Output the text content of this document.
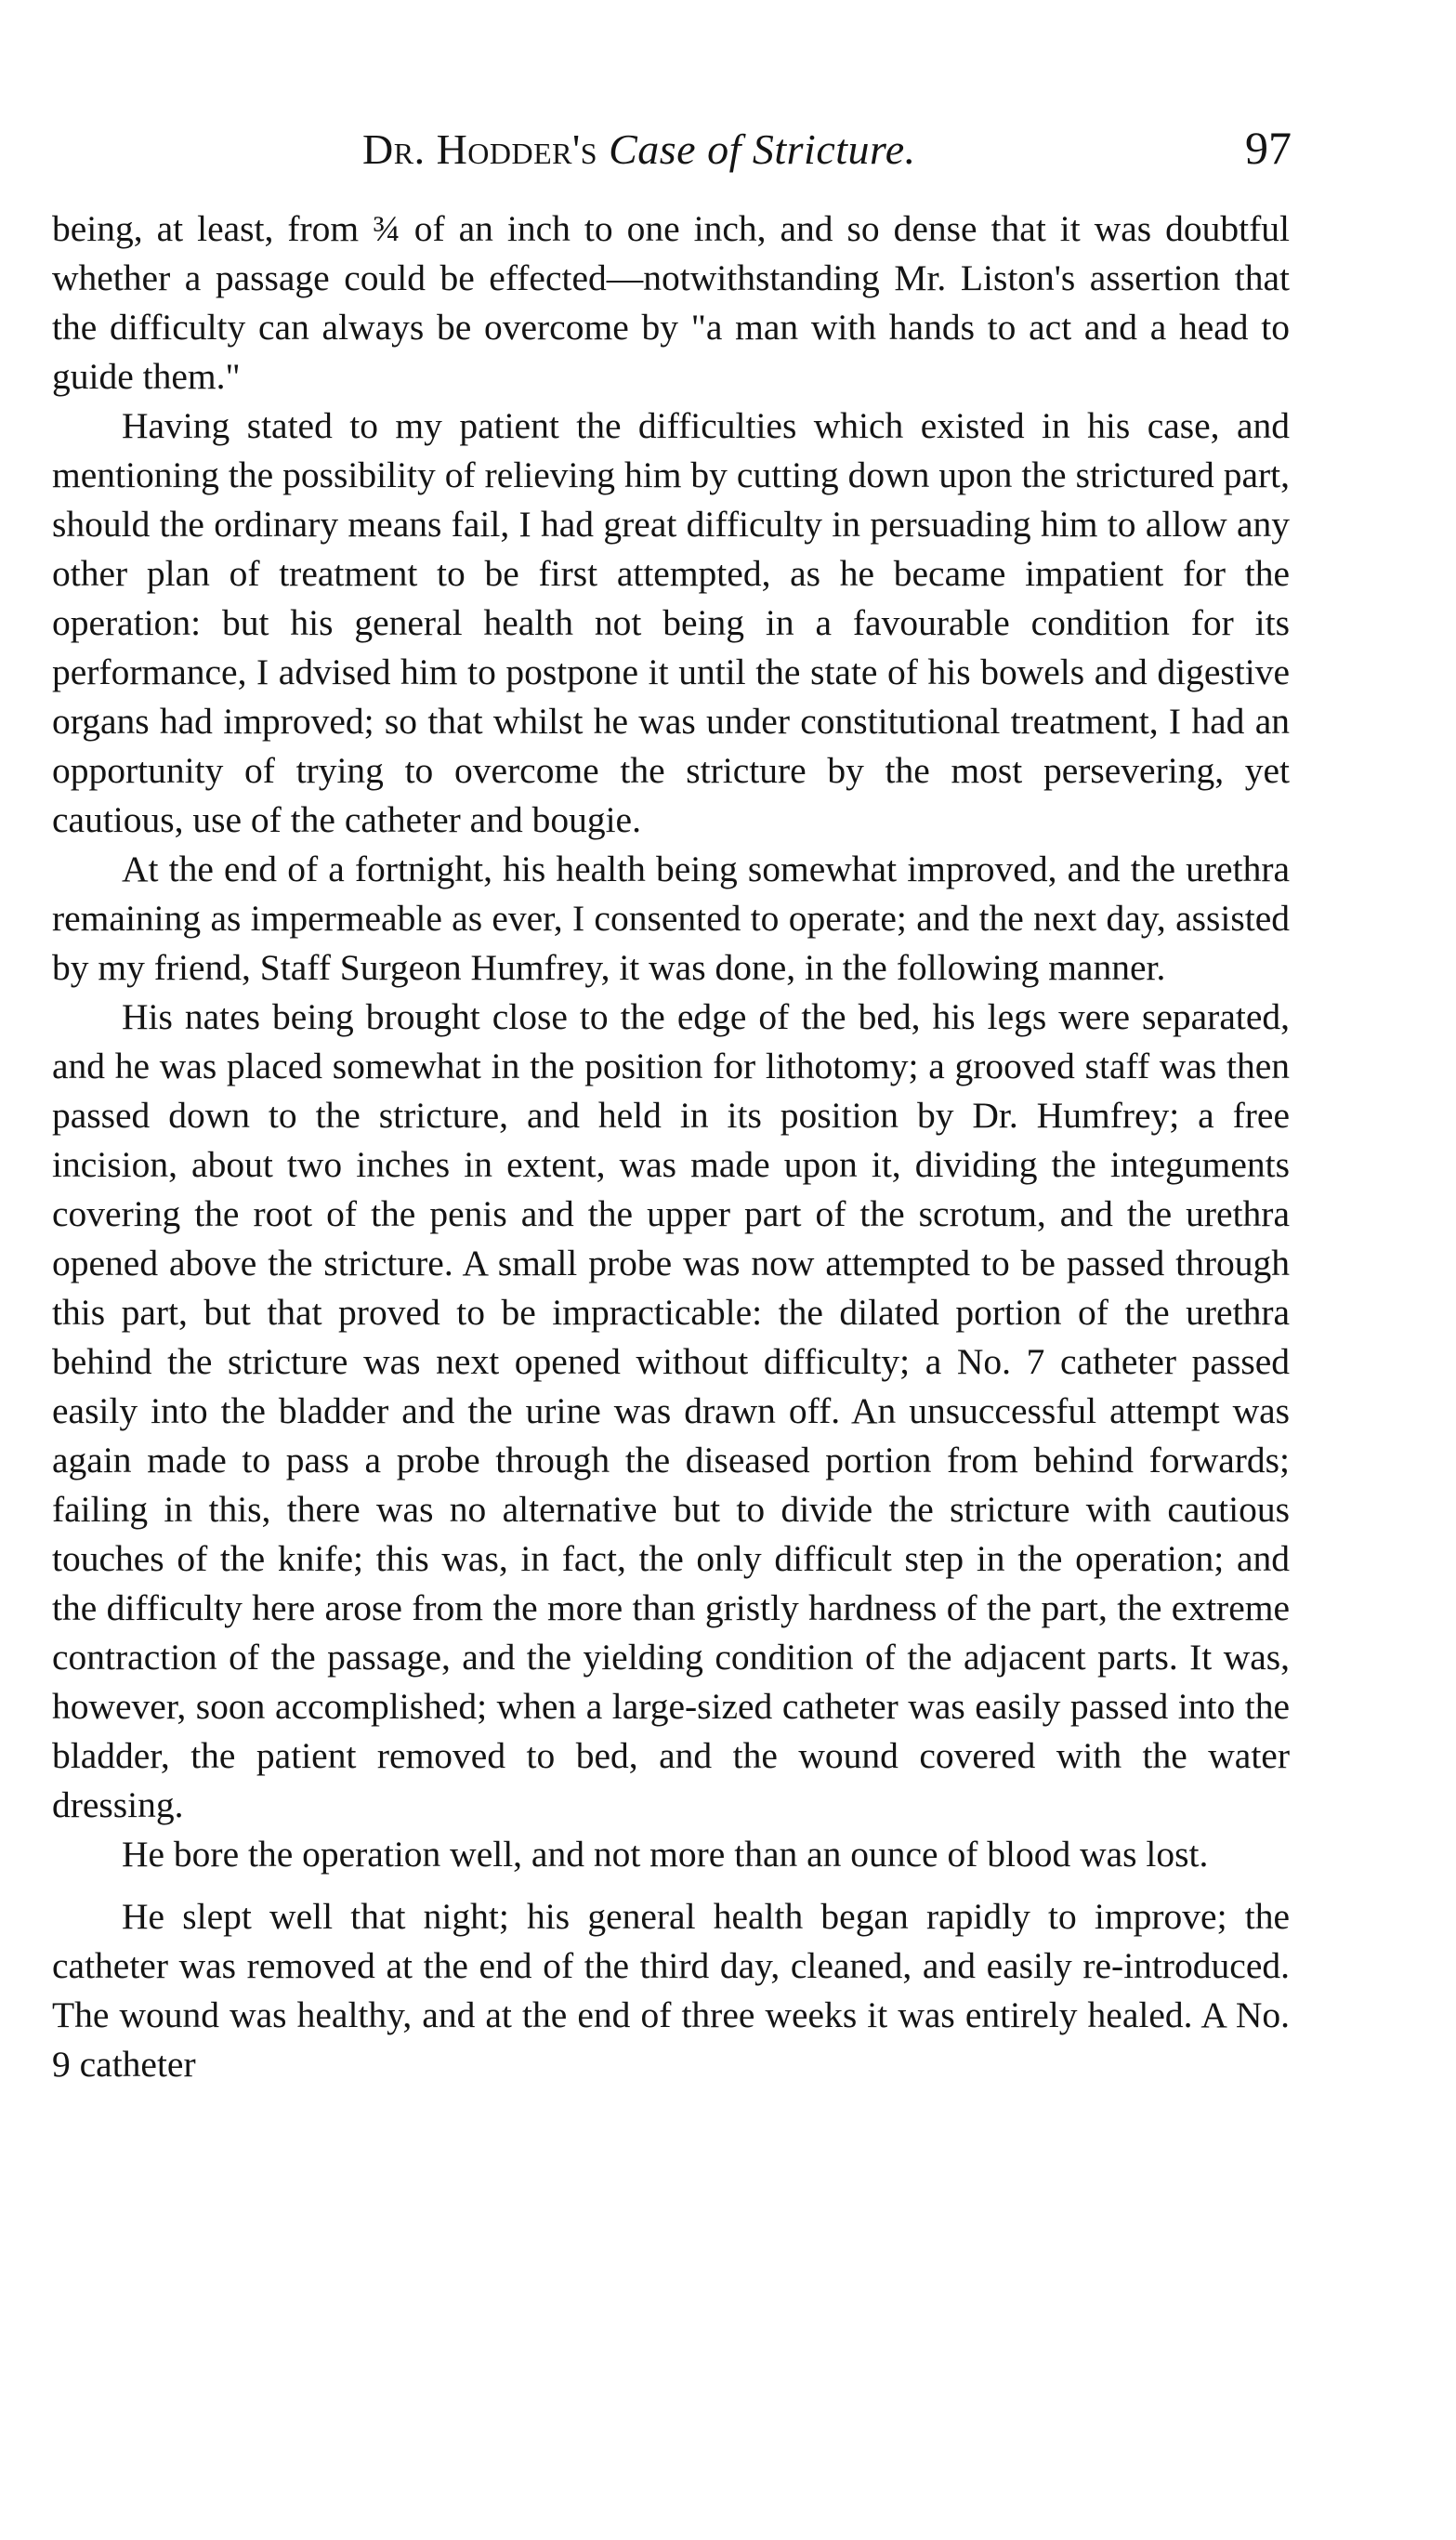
Dr. Hodder's Case of Stricture.	97

being, at least, from ¾ of an inch to one inch, and so dense that it was doubtful whether a passage could be effected—notwithstanding Mr. Liston's assertion that the difficulty can always be overcome by "a man with hands to act and a head to guide them."

Having stated to my patient the difficulties which existed in his case, and mentioning the possibility of relieving him by cutting down upon the strictured part, should the ordinary means fail, I had great difficulty in persuading him to allow any other plan of treatment to be first attempted, as he became impatient for the operation: but his general health not being in a favourable condition for its performance, I advised him to postpone it until the state of his bowels and digestive organs had improved; so that whilst he was under constitutional treatment, I had an opportunity of trying to overcome the stricture by the most persevering, yet cautious, use of the catheter and bougie.

At the end of a fortnight, his health being somewhat improved, and the urethra remaining as impermeable as ever, I consented to operate; and the next day, assisted by my friend, Staff Surgeon Humfrey, it was done, in the following manner.

His nates being brought close to the edge of the bed, his legs were separated, and he was placed somewhat in the position for lithotomy; a grooved staff was then passed down to the stricture, and held in its position by Dr. Humfrey; a free incision, about two inches in extent, was made upon it, dividing the integuments covering the root of the penis and the upper part of the scrotum, and the urethra opened above the stricture. A small probe was now attempted to be passed through this part, but that proved to be impracticable: the dilated portion of the urethra behind the stricture was next opened without difficulty; a No. 7 catheter passed easily into the bladder and the urine was drawn off. An unsuccessful attempt was again made to pass a probe through the diseased portion from behind forwards; failing in this, there was no alternative but to divide the stricture with cautious touches of the knife; this was, in fact, the only difficult step in the operation; and the difficulty here arose from the more than gristly hardness of the part, the extreme contraction of the passage, and the yielding condition of the adjacent parts. It was, however, soon accomplished; when a large-sized catheter was easily passed into the bladder, the patient removed to bed, and the wound covered with the water dressing.

He bore the operation well, and not more than an ounce of blood was lost.

He slept well that night; his general health began rapidly to improve; the catheter was removed at the end of the third day, cleaned, and easily re-introduced. The wound was healthy, and at the end of three weeks it was entirely healed. A No. 9 catheter
